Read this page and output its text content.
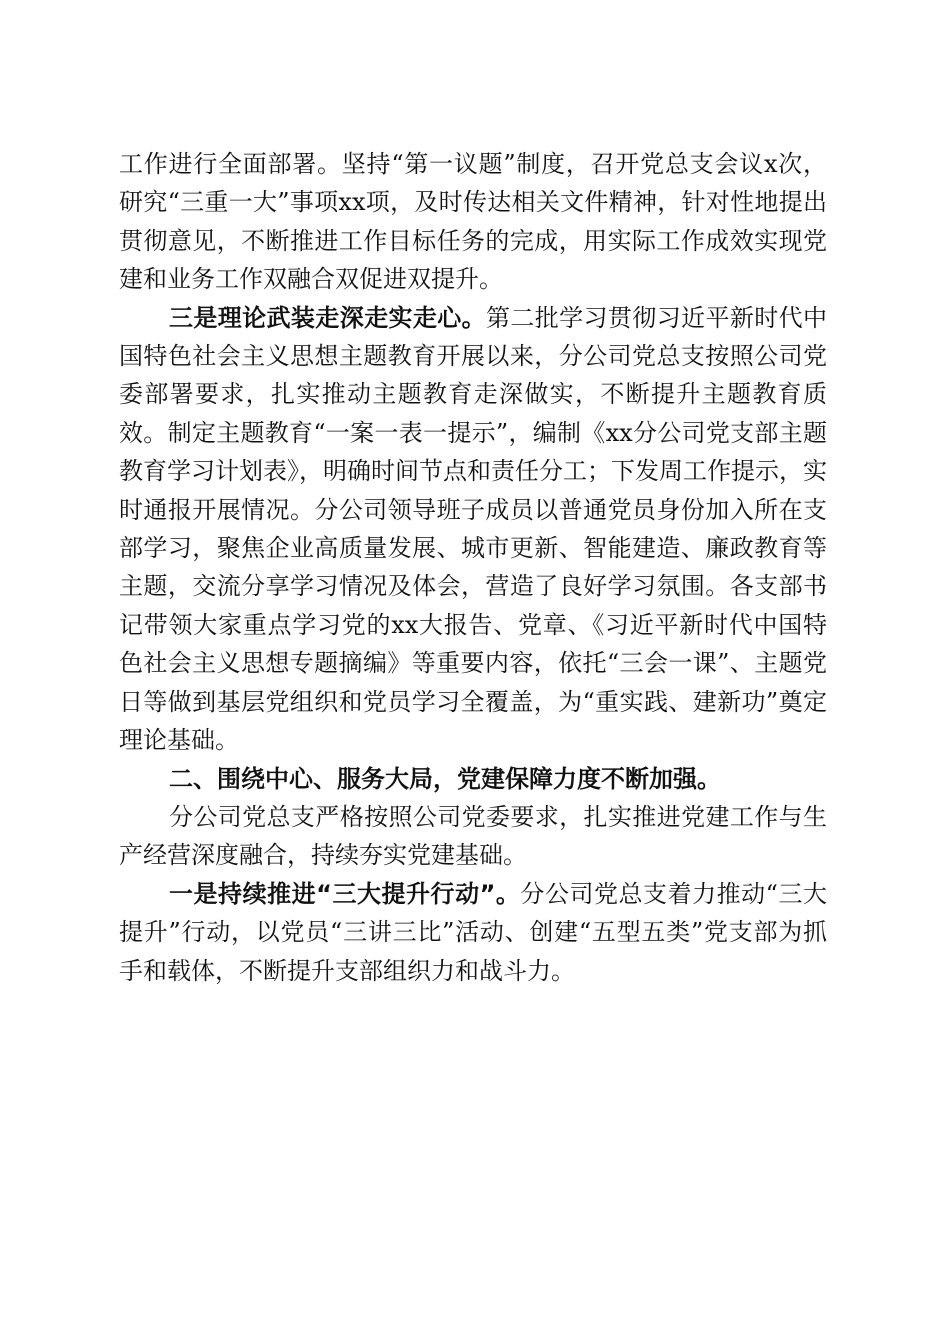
工作进行全面部署。坚持“第一议题”制度，召开党总支会议x次，研究“三重一大”事项xx项，及时传达相关文件精神，针对性地提出贯彻意见，不断推进工作目标任务的完成，用实际工作成效实现党建和业务工作双融合双促进双提升。

三是理论武装走深走实走心。第二批学习贯彻习近平新时代中国特色社会主义思想主题教育开展以来，分公司党总支按照公司党委部署要求，扎实推动主题教育走深做实，不断提升主题教育质效。制定主题教育“一案一表一提示”，编制《xx分公司党支部主题教育学习计划表》，明确时间节点和责任分工；下发周工作提示，实时通报开展情况。分公司领导班子成员以普通党员身份加入所在支部学习，聚焦企业高质量发展、城市更新、智能建造、廉政教育等主题，交流分享学习情况及体会，营造了良好学习氛围。各支部书记带领大家重点学习党的xx大报告、党章、《习近平新时代中国特色社会主义思想专题摘编》等重要内容，依托“三会一课”、主题党日等做到基层党组织和党员学习全覆盖，为“重实践、建新功”奠定理论基础。

二、围绕中心、服务大局，党建保障力度不断加强。

分公司党总支严格按照公司党委要求，扎实推进党建工作与生产经营深度融合，持续夯实党建基础。

一是持续推进“三大提升行动”。分公司党总支着力推动“三大提升”行动，以党员“三讲三比”活动、创建“五型五类”党支部为抓手和载体，不断提升支部组织力和战斗力。
